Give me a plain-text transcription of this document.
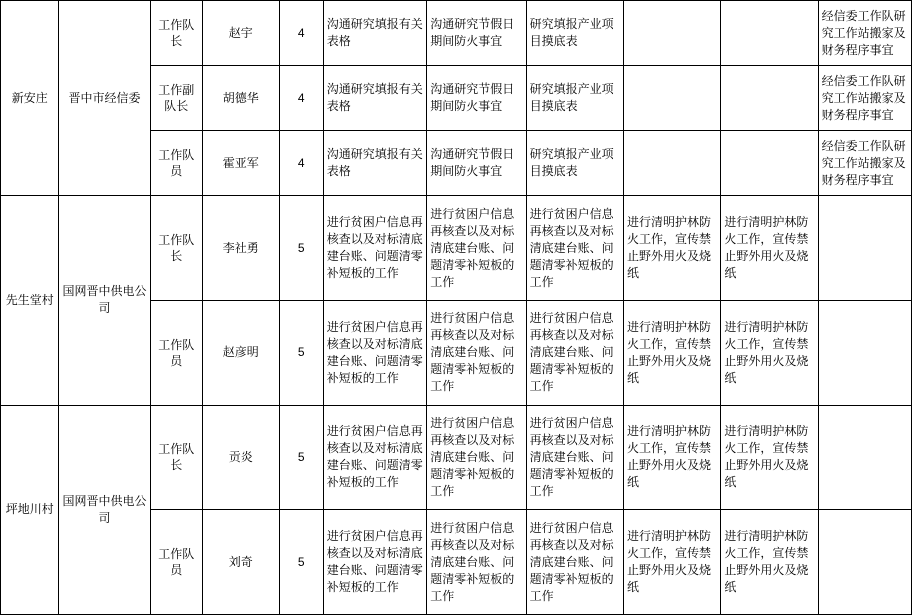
新安庄	晋中市经信委	工作队长	赵宇	4	沟通研究填报有关表格	沟通研究节假日期间防火事宜	研究填报产业项目摸底表			经信委工作队研究工作站搬家及财务程序事宜

		工作副队长	胡德华	4	沟通研究填报有关表格	沟通研究节假日期间防火事宜	研究填报产业项目摸底表			经信委工作队研究工作站搬家及财务程序事宜

		工作队员	霍亚军	4	沟通研究填报有关表格	沟通研究节假日期间防火事宜	研究填报产业项目摸底表			经信委工作队研究工作站搬家及财务程序事宜

先生堂村	国网晋中供电公司	工作队长	李社勇	5	进行贫困户信息再核查以及对标清底建台账、问题清零补短板的工作	进行贫困户信息再核查以及对标清底建台账、问题清零补短板的工作	进行贫困户信息再核查以及对标清底建台账、问题清零补短板的工作	进行清明护林防火工作，宣传禁止野外用火及烧纸	进行清明护林防火工作，宣传禁止野外用火及烧纸	

		工作队员	赵彦明	5	进行贫困户信息再核查以及对标清底建台账、问题清零补短板的工作	进行贫困户信息再核查以及对标清底建台账、问题清零补短板的工作	进行贫困户信息再核查以及对标清底建台账、问题清零补短板的工作	进行清明护林防火工作，宣传禁止野外用火及烧纸	进行清明护林防火工作，宣传禁止野外用火及烧纸	

坪地川村	国网晋中供电公司	工作队长	贡炎	5	进行贫困户信息再核查以及对标清底建台账、问题清零补短板的工作	进行贫困户信息再核查以及对标清底建台账、问题清零补短板的工作	进行贫困户信息再核查以及对标清底建台账、问题清零补短板的工作	进行清明护林防火工作，宣传禁止野外用火及烧纸	进行清明护林防火工作，宣传禁止野外用火及烧纸	

		工作队员	刘奇	5	进行贫困户信息再核查以及对标清底建台账、问题清零补短板的工作	进行贫困户信息再核查以及对标清底建台账、问题清零补短板的工作	进行贫困户信息再核查以及对标清底建台账、问题清零补短板的工作	进行清明护林防火工作，宣传禁止野外用火及烧纸	进行清明护林防火工作，宣传禁止野外用火及烧纸	
